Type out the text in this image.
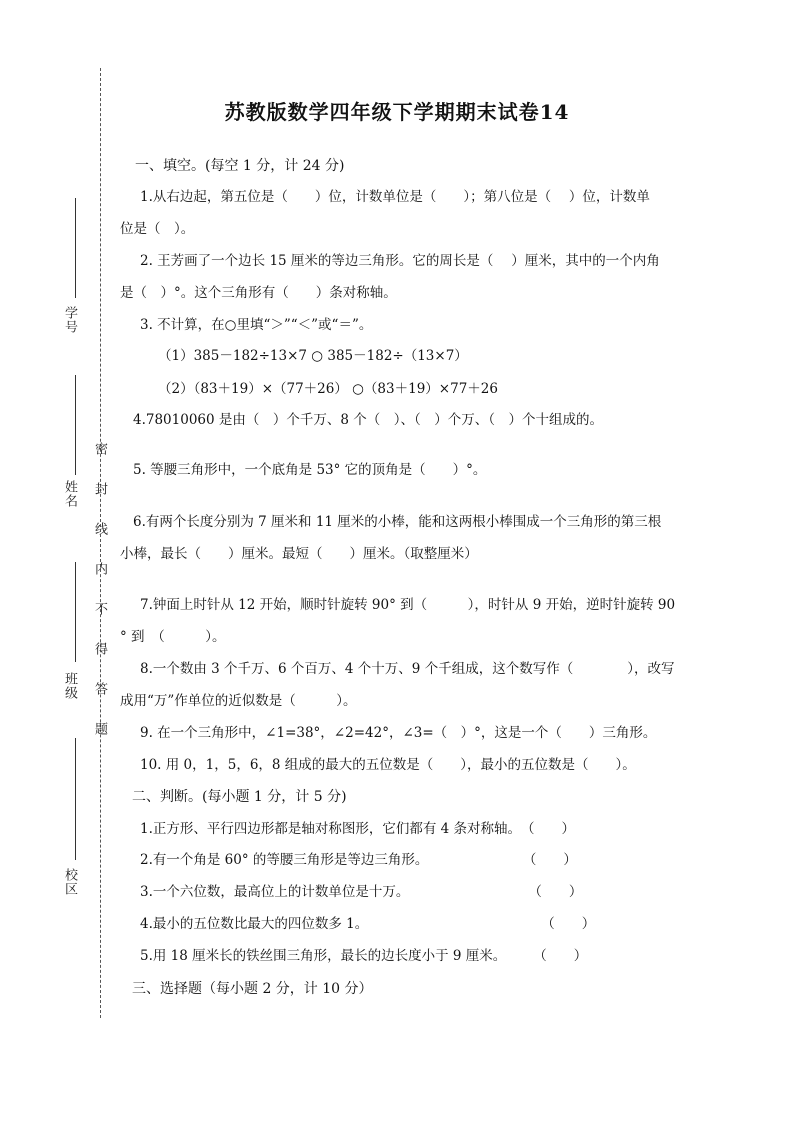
学号
姓名
班级
校区
密 封 线 内 不 得 答 题
苏教版数学四年级下学期期末试卷14
一、填空。(每空 1 分，计 24 分)
1.从右边起，第五位是（　　）位，计数单位是（　　）；第八位是（　 ）位，计数单
位是（　）。
2. 王芳画了一个边长 15 厘米的等边三角形。它的周长是（　 ）厘米，其中的一个内角
是（　）°。这个三角形有（　　）条对称轴。
3. 不计算，在○里填“＞”“＜”或“＝”。
（1）385－182÷13×7 ○ 385－182÷（13×7）
（2）（83＋19）×（77＋26） ○（83＋19）×77＋26
4.78010060 是由（　）个千万、8 个（　）、（　）个万、（　）个十组成的。
5. 等腰三角形中，一个底角是 53° 它的顶角是（　　）°。
6.有两个长度分别为 7 厘米和 11 厘米的小棒，能和这两根小棒围成一个三角形的第三根
小棒，最长（　　）厘米。最短（　　）厘米。（取整厘米）
7.钟面上时针从 12 开始，顺时针旋转 90° 到（　　　），时针从 9 开始，逆时针旋转 90
° 到　（　　　）。
8.一个数由 3 个千万、6 个百万、4 个十万、9 个千组成，这个数写作（　　　　），改写
成用“万”作单位的近似数是（　　　）。
9. 在一个三角形中，∠1=38°，∠2=42°，∠3=（　）°，这是一个（　　）三角形。
10. 用 0，1，5，6，8 组成的最大的五位数是（　　），最小的五位数是（　　）。
二、判断。(每小题 1 分，计 5 分)
1.正方形、平行四边形都是轴对称图形，它们都有 4 条对称轴。　（　　）
2.有一个角是 60° 的等腰三角形是等边三角形。　　　　　　　　（　　）
3.一个六位数，最高位上的计数单位是十万。　　　　　　　　　 （　　）
4.最小的五位数比最大的四位数多 1。　　　　　　　　　　　　　 （　　）
5.用 18 厘米长的铁丝围三角形，最长的边长度小于 9 厘米。　　　（　　）
三、选择题（每小题 2 分，计 10 分）
